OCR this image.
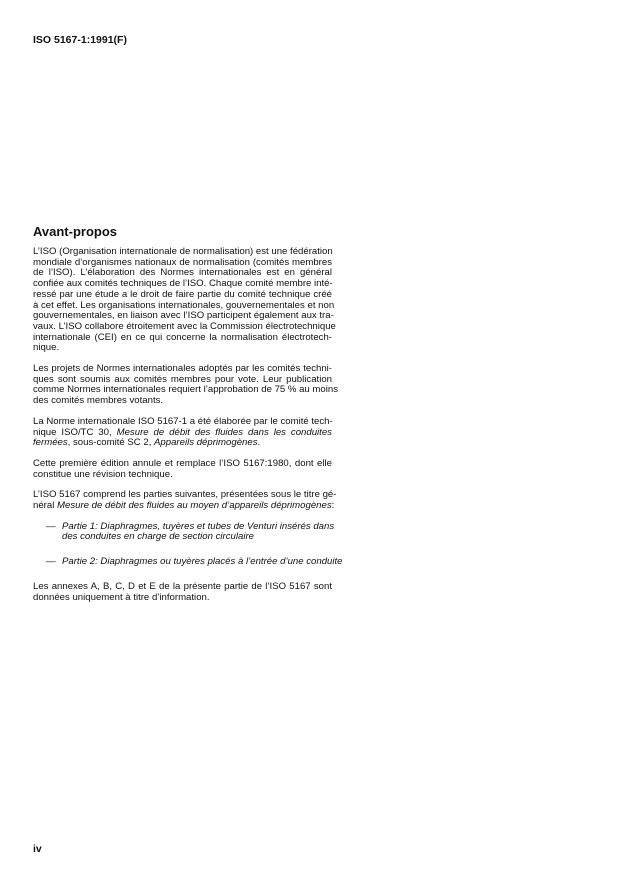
ISO 5167-1:1991(F)
Avant-propos
L’ISO (Organisation internationale de normalisation) est une fédération
mondiale d’organismes nationaux de normalisation (comités membres
de l’ISO). L’élaboration des Normes internationales est en général
confiée aux comités techniques de l’ISO. Chaque comité membre inté-
ressé par une étude a le droit de faire partie du comité technique créé
à cet effet. Les organisations internationales, gouvernementales et non
gouvernementales, en liaison avec l’ISO participent également aux tra-
vaux. L’ISO collabore étroitement avec la Commission électrotechnique
internationale (CEI) en ce qui concerne la normalisation électrotech-
nique.
Les projets de Normes internationales adoptés par les comités techni-
ques sont soumis aux comités membres pour vote. Leur publication
comme Normes internationales requiert l’approbation de 75 % au moins
des comités membres votants.
La Norme internationale ISO 5167-1 a été élaborée par le comité tech-
nique ISO/TC 30, Mesure de débit des fluides dans les conduites
fermées, sous-comité SC 2, Appareils déprimogènes.
Cette première édition annule et remplace l’ISO 5167:1980, dont elle
constitue une révision technique.
L’ISO 5167 comprend les parties suivantes, présentées sous le titre gé-
néral Mesure de débit des fluides au moyen d’appareils déprimogènes:
— Partie 1: Diaphragmes, tuyères et tubes de Venturi insérés dans
des conduites en charge de section circulaire
— Partie 2: Diaphragmes ou tuyères placés à l’entrée d’une conduite
Les annexes A, B, C, D et E de la présente partie de l’ISO 5167 sont
données uniquement à titre d’information.
iv
